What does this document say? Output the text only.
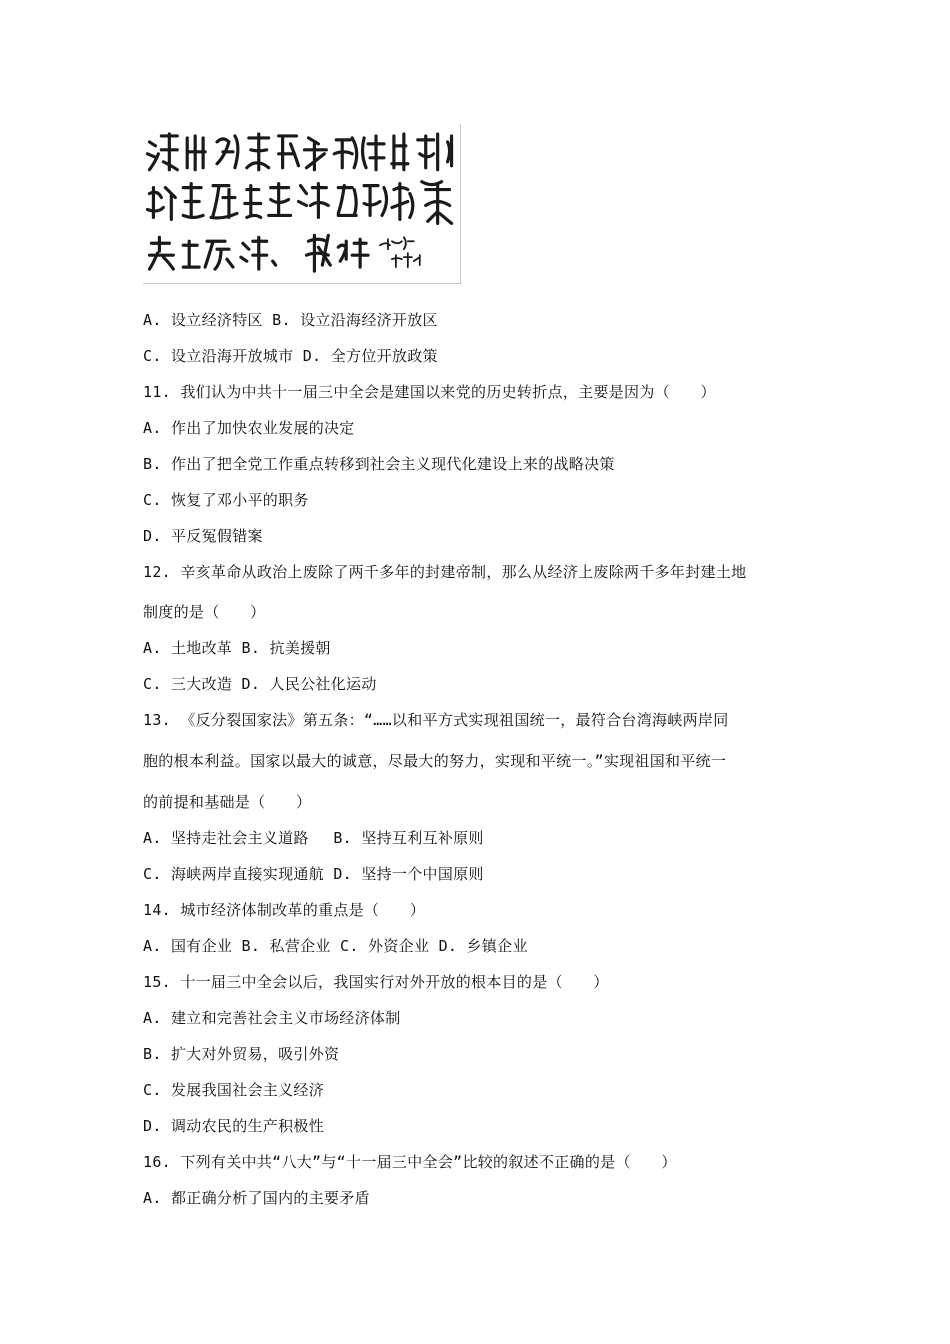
A. 设立经济特区 B. 设立沿海经济开放区
C. 设立沿海开放城市 D. 全方位开放政策
11. 我们认为中共十一届三中全会是建国以来党的历史转折点，主要是因为（　　）
A. 作出了加快农业发展的决定
B. 作出了把全党工作重点转移到社会主义现代化建设上来的战略决策
C. 恢复了邓小平的职务
D. 平反冤假错案
12. 辛亥革命从政治上废除了两千多年的封建帝制，那么从经济上废除两千多年封建土地
制度的是（　　）
A. 土地改革 B. 抗美援朝
C. 三大改造 D. 人民公社化运动
13. 《反分裂国家法》第五条：“……以和平方式实现祖国统一，最符合台湾海峡两岸同
胞的根本利益。国家以最大的诚意，尽最大的努力，实现和平统一。”实现祖国和平统一
的前提和基础是（　　）
A. 坚持走社会主义道路　 B. 坚持互利互补原则
C. 海峡两岸直接实现通航 D. 坚持一个中国原则
14. 城市经济体制改革的重点是（　　）
A. 国有企业 B. 私营企业 C. 外资企业 D. 乡镇企业
15. 十一届三中全会以后，我国实行对外开放的根本目的是（　　）
A. 建立和完善社会主义市场经济体制
B. 扩大对外贸易，吸引外资
C. 发展我国社会主义经济
D. 调动农民的生产积极性
16. 下列有关中共“八大”与“十一届三中全会”比较的叙述不正确的是（　　）
A. 都正确分析了国内的主要矛盾
